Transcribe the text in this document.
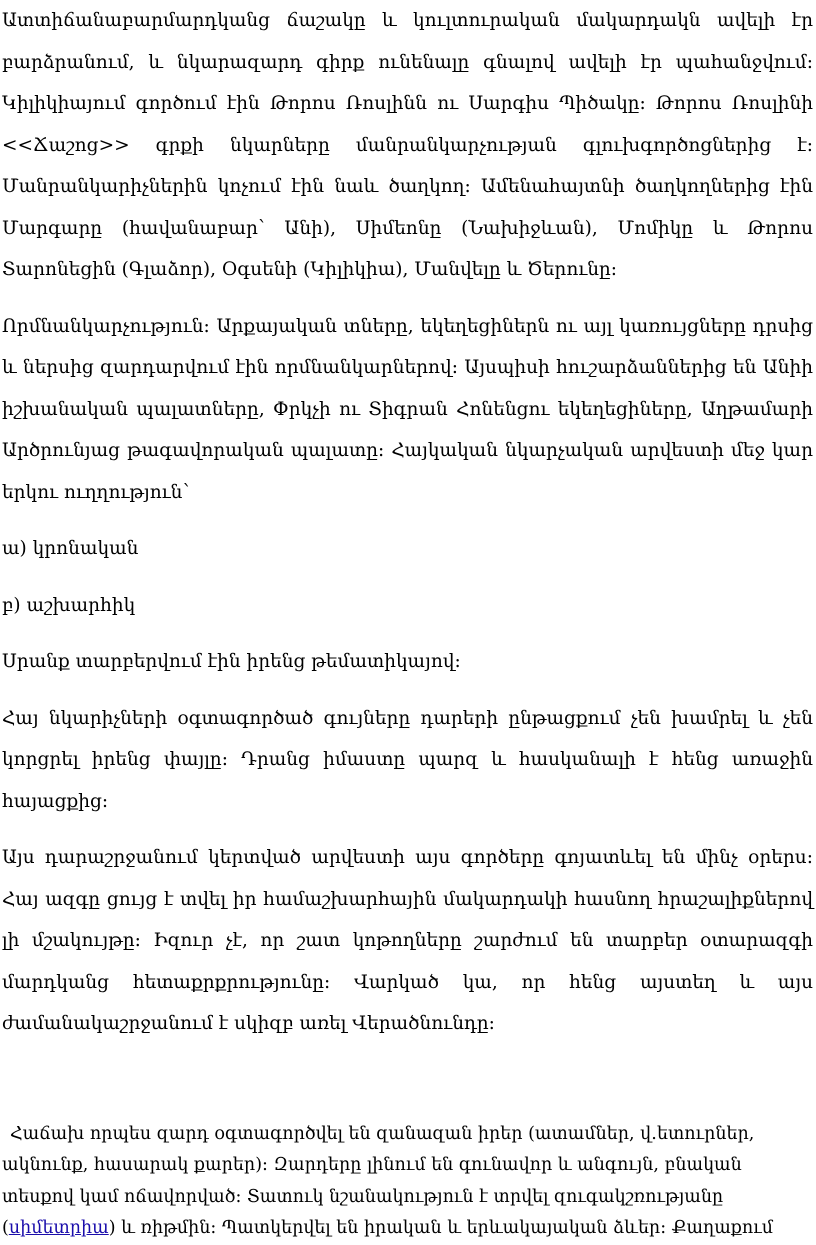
Ատտիճանաբարմարդկանց ճաշակը և կուլտուրական մակարդակն ավելի էր բարձրանում, և նկարազարդ գիրք ունենալը գնալով ավելի էր պահանջվում։ Կիլիկիայում գործում էին Թորոս Ռոսլինն ու Սարգիս Պիծակը։ Թորոս Ռոսլինի <<Ճաշոց>> գրքի նկարները մանրանկարչության գլուխգործոցներից է։ Մանրանկարիչներին կոչում էին նաև ծաղկող։ Ամենահայտնի ծաղկողներից էին Մարգարը (հավանաբար՝ Անի), Սիմեոնը (Նախիջևան), Մոմիկը և Թորոս Տարոնեցին (Գլաձոր), Օգսենի (Կիլիկիա), Մանվելը և Ծերունը:

Որմնանկարչություն։ Արքայական տները, եկեղեցիներն ու այլ կառույցները դրսից և ներսից զարդարվում էին որմնանկարներով։ Այսպիսի հուշարձաններից են Անիի իշխանական պալատները, Փրկչի ու Տիգրան Հոնենցու եկեղեցիները, Աղթամարի Արծրունյաց թագավորական պալատը։ Հայկական նկարչական արվեստի մեջ կար երկու ուղղություն՝

ա) կրոնական

բ) աշխարհիկ

Սրանք տարբերվում էին իրենց թեմատիկայով:

Հայ նկարիչների օգտագործած գույները դարերի ընթացքում չեն խամրել և չեն կորցրել իրենց փայլը։ Դրանց իմաստը պարզ և հասկանալի է հենց առաջին հայացքից:

Այս դարաշրջանում կերտված արվեստի այս գործերը գոյատևել են մինչ օրերս։ Հայ ազգը ցույց է տվել իր համաշխարհային մակարդակի հասնող հրաշալիքներով լի մշակույթը։ Իզուր չէ, որ շատ կոթողները շարժում են տարբեր օտարազգի մարդկանց հետաքրքրությունը։ Վարկած կա, որ հենց այստեղ և այս ժամանակաշրջանում է սկիզբ առել Վերածնունդը:

Հաճախ որպես զարդ օգտագործվել են զանազան իրեր (ատամներ, վ․ետուրներ, ակնունք, հասարակ քարեր)։ Զարդերը լինում են գունավոր և անգույն, բնական տեսքով կամ ոճավորված։ Տատուկ նշանակություն է տրվել զուգակշռությանը (սիմետրիա) և ռիթմին։ Պատկերվել են իրական և երևակայական ձևեր։ Քաղաքում
